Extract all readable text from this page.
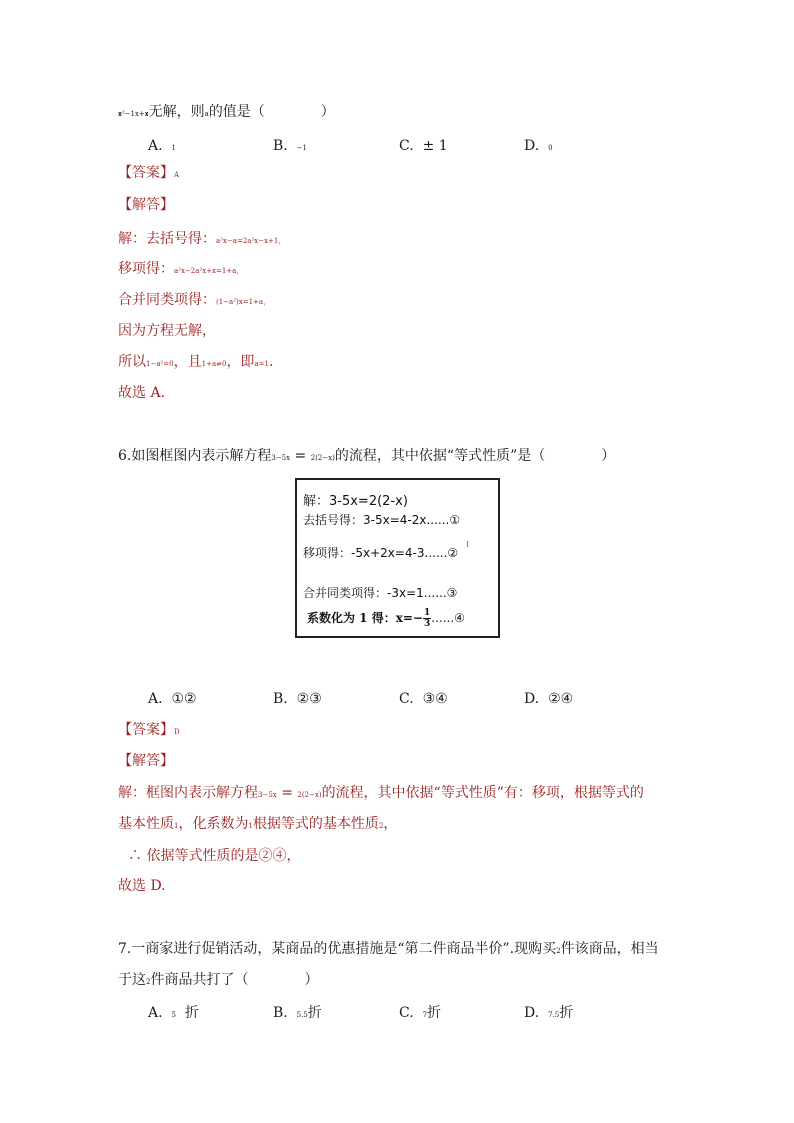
𝐱²−1x+𝐱无解，则a的值是（　　　　）
A. 1	B. −1	C. ± 1	D. 0
【答案】A
【解答】
解：去括号得：a²x−a=2a²x−x+1，
移项得：a²x−2a²x+x=1+a，
合并同类项得：(1−a²)x=1+a，
因为方程无解，
所以1−a²=0，且1+a≠0，即a=1.
故选 A.
6.如图框图内表示解方程3−5x = 2(2−x)的流程，其中依据“等式性质”是（　　　　）
解：3-5x=2(2-x)
去括号得：3-5x=4-2x......①
移项得：-5x+2x=4-3......②
合并同类项得：-3x=1......③
系数化为 1 得：$x=- \frac{1}{3}$ ......④
A. ①②	B. ②③	C. ③④	D. ②④
【答案】D
【解答】
解：框图内表示解方程3−5x = 2(2−x)的流程，其中依据“等式性质”有：移项，根据等式的
基本性质1，化系数为1根据等式的基本性质2，
∴ 依据等式性质的是②④，
故选 D.
7.一商家进行促销活动，某商品的优惠措施是“第二件商品半价”.现购买2件该商品，相当
于这2件商品共打了（　　　　）
A. 5 折	B. 5.5折	C. 7折	D. 7.5折
